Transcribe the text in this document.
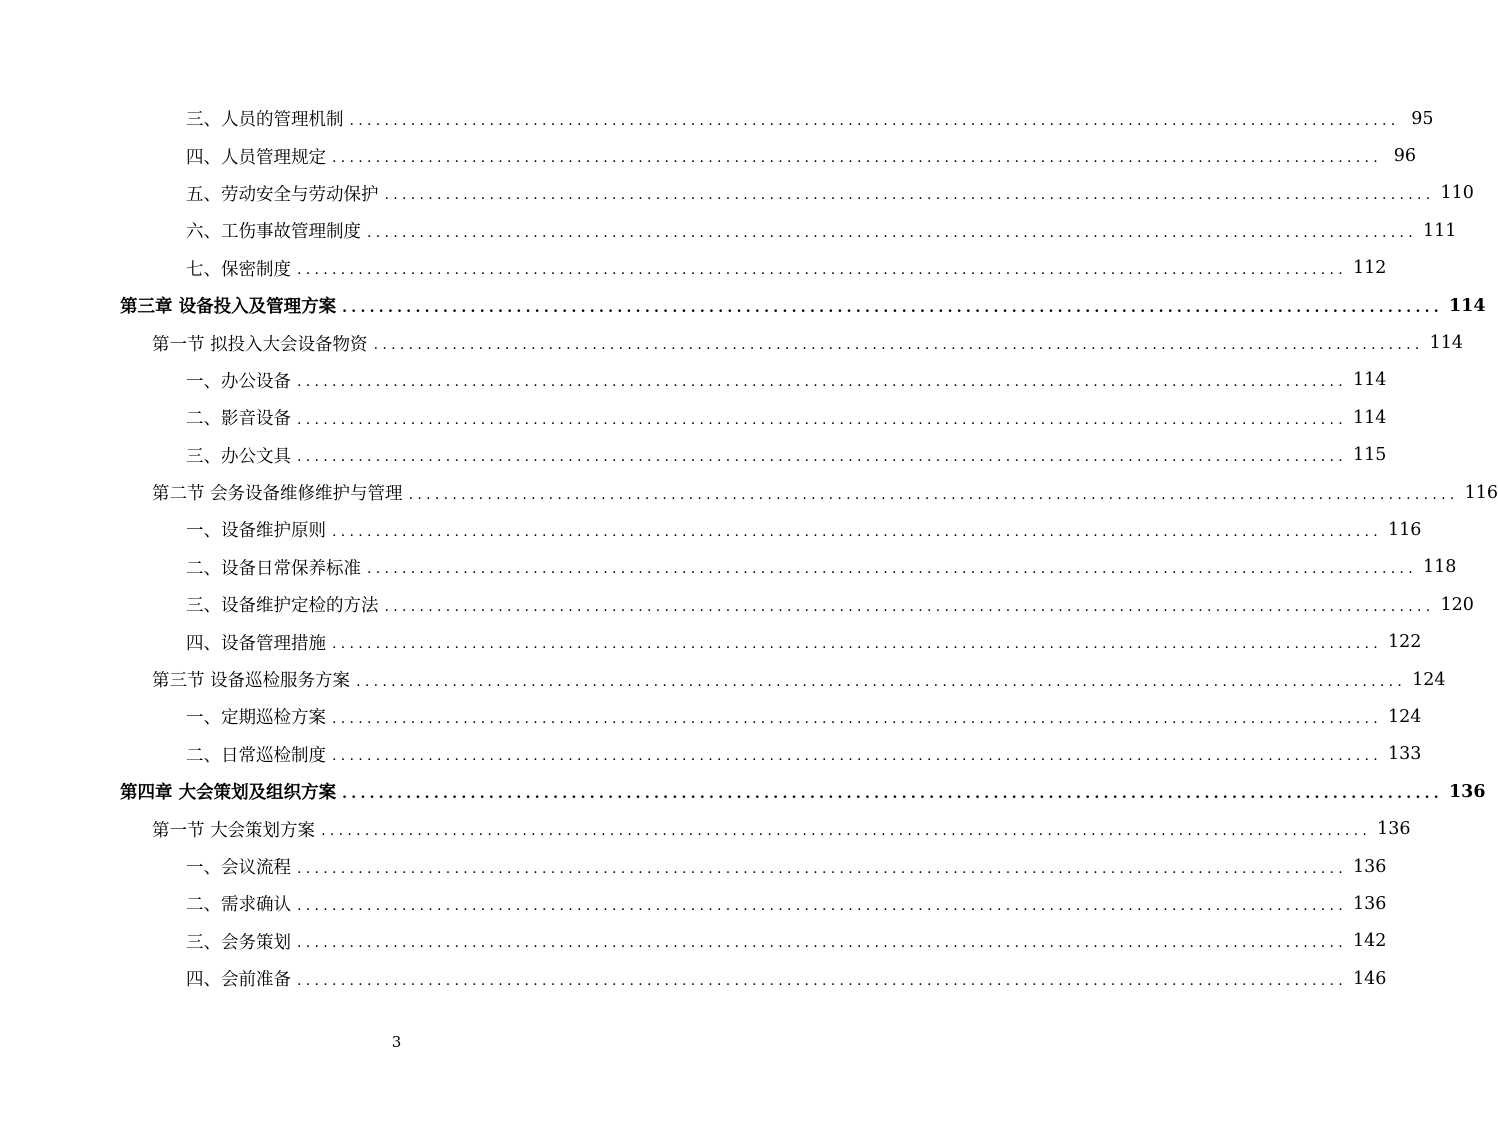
三、人员的管理机制 ........................................................................................................................ 95
四、人员管理规定 ........................................................................................................................ 96
五、劳动安全与劳动保护 ........................................................................................................................ 110
六、工伤事故管理制度 ........................................................................................................................ 111
七、保密制度 ........................................................................................................................ 112
第三章 设备投入及管理方案 ........................................................................................................................ 114
第一节 拟投入大会设备物资 ........................................................................................................................ 114
一、办公设备 ........................................................................................................................ 114
二、影音设备 ........................................................................................................................ 114
三、办公文具 ........................................................................................................................ 115
第二节 会务设备维修维护与管理 ........................................................................................................................ 116
一、设备维护原则 ........................................................................................................................ 116
二、设备日常保养标准 ........................................................................................................................ 118
三、设备维护定检的方法 ........................................................................................................................ 120
四、设备管理措施 ........................................................................................................................ 122
第三节 设备巡检服务方案 ........................................................................................................................ 124
一、定期巡检方案 ........................................................................................................................ 124
二、日常巡检制度 ........................................................................................................................ 133
第四章 大会策划及组织方案 ........................................................................................................................ 136
第一节 大会策划方案 ........................................................................................................................ 136
一、会议流程 ........................................................................................................................ 136
二、需求确认 ........................................................................................................................ 136
三、会务策划 ........................................................................................................................ 142
四、会前准备 ........................................................................................................................ 146
3
